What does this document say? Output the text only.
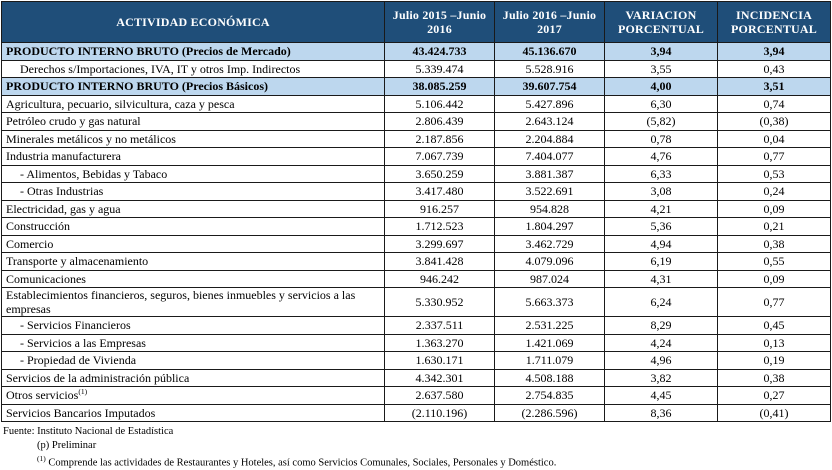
ACTIVIDAD ECONÓMICA	Julio 2015 –Junio 2016	Julio 2016 –Junio 2017	VARIACION PORCENTUAL	INCIDENCIA PORCENTUAL
PRODUCTO INTERNO BRUTO (Precios de Mercado)	43.424.733	45.136.670	3,94	3,94
Derechos s/Importaciones, IVA, IT y otros Imp. Indirectos	5.339.474	5.528.916	3,55	0,43
PRODUCTO INTERNO BRUTO (Precios Básicos)	38.085.259	39.607.754	4,00	3,51
Agricultura, pecuario, silvicultura, caza y pesca	5.106.442	5.427.896	6,30	0,74
Petróleo crudo y gas natural	2.806.439	2.643.124	(5,82)	(0,38)
Minerales metálicos y no metálicos	2.187.856	2.204.884	0,78	0,04
Industria manufacturera	7.067.739	7.404.077	4,76	0,77
- Alimentos, Bebidas y Tabaco	3.650.259	3.881.387	6,33	0,53
- Otras Industrias	3.417.480	3.522.691	3,08	0,24
Electricidad, gas y agua	916.257	954.828	4,21	0,09
Construcción	1.712.523	1.804.297	5,36	0,21
Comercio	3.299.697	3.462.729	4,94	0,38
Transporte y almacenamiento	3.841.428	4.079.096	6,19	0,55
Comunicaciones	946.242	987.024	4,31	0,09
Establecimientos financieros, seguros, bienes inmuebles y servicios a las empresas	5.330.952	5.663.373	6,24	0,77
- Servicios Financieros	2.337.511	2.531.225	8,29	0,45
- Servicios a las Empresas	1.363.270	1.421.069	4,24	0,13
- Propiedad de Vivienda	1.630.171	1.711.079	4,96	0,19
Servicios de la administración pública	4.342.301	4.508.188	3,82	0,38
Otros servicios$^{(1)}$	2.637.580	2.754.835	4,45	0,27
Servicios Bancarios Imputados	(2.110.196)	(2.286.596)	8,36	(0,41)
Fuente: Instituto Nacional de Estadística
(p) Preliminar
$^{(1)}$ Comprende las actividades de Restaurantes y Hoteles, así como Servicios Comunales, Sociales, Personales y Doméstico.
